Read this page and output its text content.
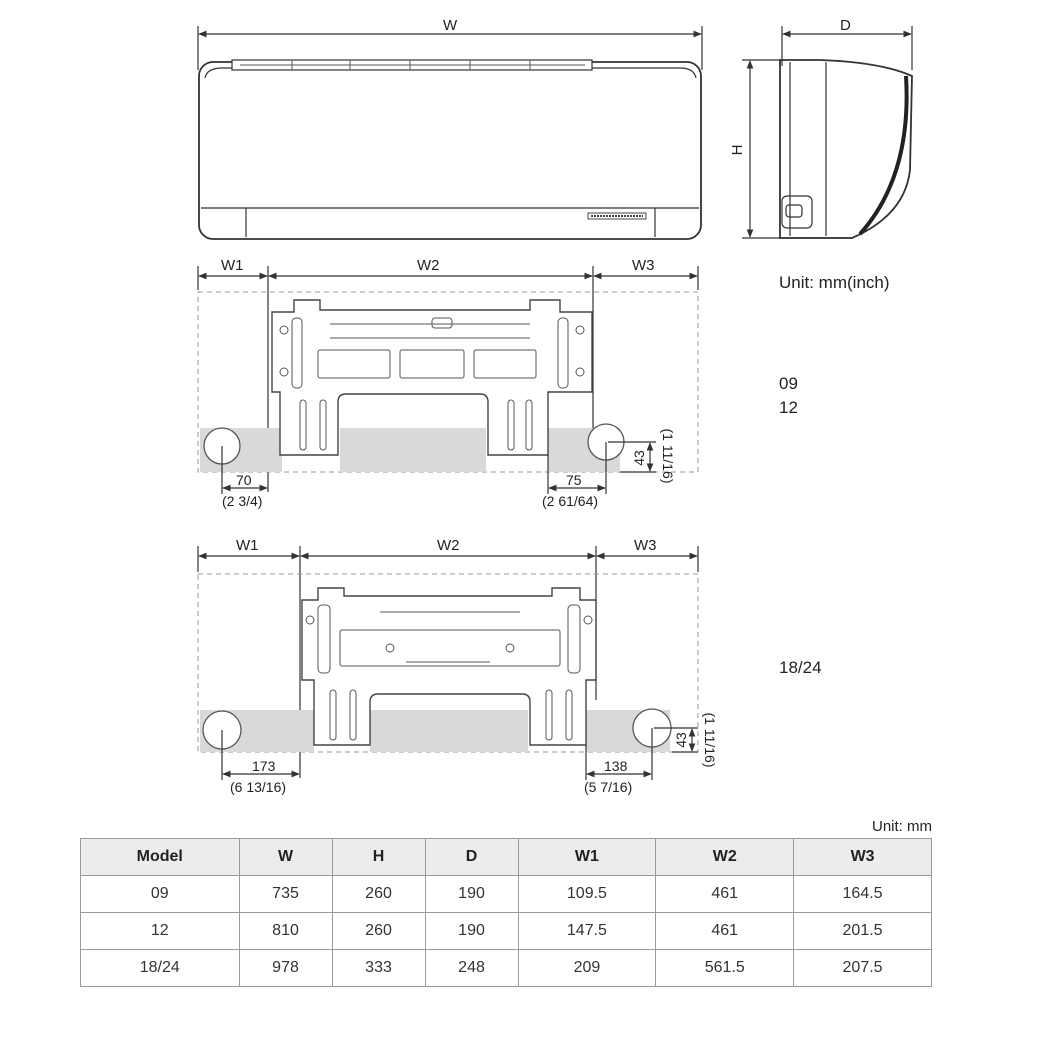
W	D
H
Unit: mm(inch)
W1	W2	W3
70
(2 3/4)
75
(2 61/64)
43 (1 11/16)
09
12
W1	W2	W3
173
(6 13/16)
138
(5 7/16)
43 (1 11/16)
18/24
Unit: mm
Model	W	H	D	W1	W2	W3
09	735	260	190	109.5	461	164.5
12	810	260	190	147.5	461	201.5
18/24	978	333	248	209	561.5	207.5
